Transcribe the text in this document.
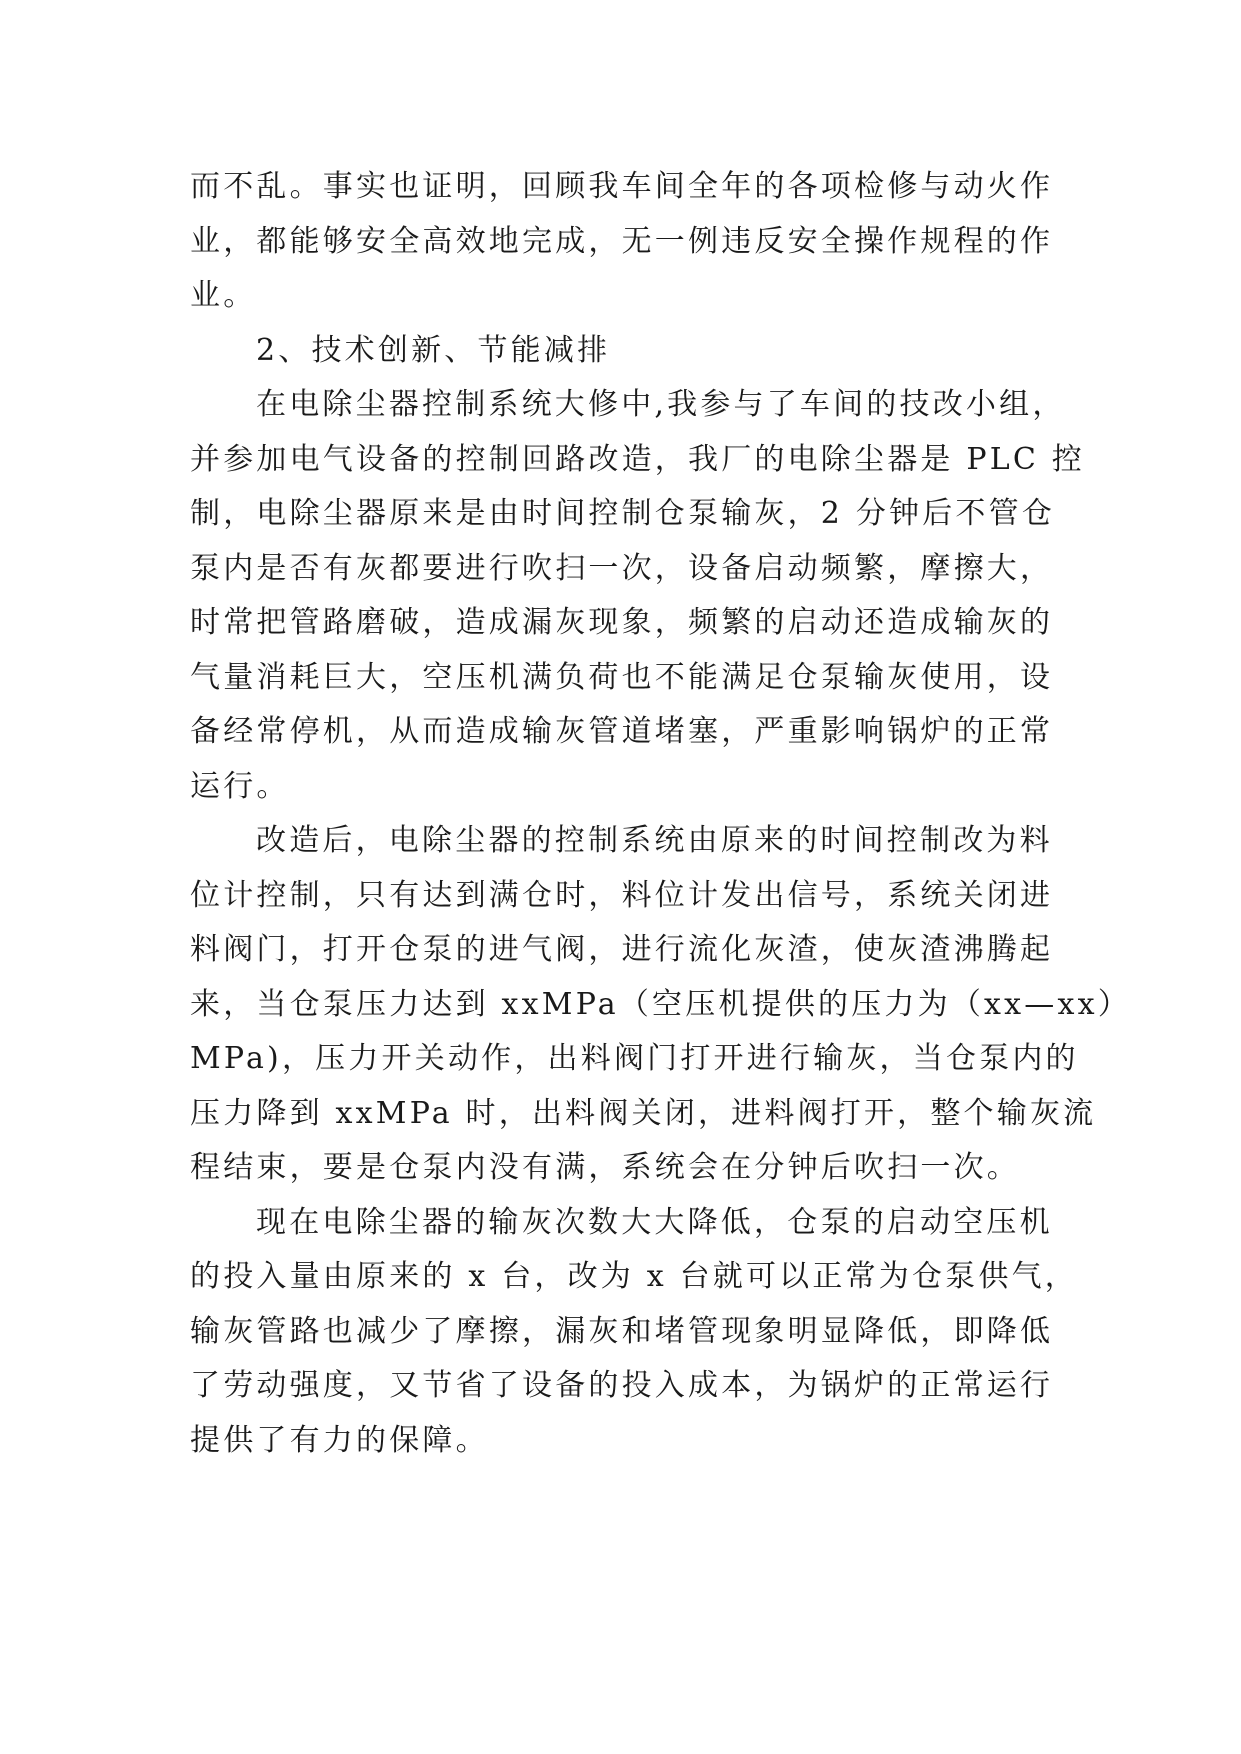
而不乱。事实也证明，回顾我车间全年的各项检修与动火作
业，都能够安全高效地完成，无一例违反安全操作规程的作
业。
2、技术创新、节能减排
在电除尘器控制系统大修中,我参与了车间的技改小组，
并参加电气设备的控制回路改造，我厂的电除尘器是 PLC 控
制，电除尘器原来是由时间控制仓泵输灰，2 分钟后不管仓
泵内是否有灰都要进行吹扫一次，设备启动频繁，摩擦大，
时常把管路磨破，造成漏灰现象，频繁的启动还造成输灰的
气量消耗巨大，空压机满负荷也不能满足仓泵输灰使用，设
备经常停机，从而造成输灰管道堵塞，严重影响锅炉的正常
运行。
改造后，电除尘器的控制系统由原来的时间控制改为料
位计控制，只有达到满仓时，料位计发出信号，系统关闭进
料阀门，打开仓泵的进气阀，进行流化灰渣，使灰渣沸腾起
来，当仓泵压力达到 xxMPa（空压机提供的压力为（xx—xx）
MPa)，压力开关动作，出料阀门打开进行输灰，当仓泵内的
压力降到 xxMPa 时，出料阀关闭，进料阀打开，整个输灰流
程结束，要是仓泵内没有满，系统会在分钟后吹扫一次。
现在电除尘器的输灰次数大大降低，仓泵的启动空压机
的投入量由原来的 x 台，改为 x 台就可以正常为仓泵供气，
输灰管路也减少了摩擦，漏灰和堵管现象明显降低，即降低
了劳动强度，又节省了设备的投入成本，为锅炉的正常运行
提供了有力的保障。
